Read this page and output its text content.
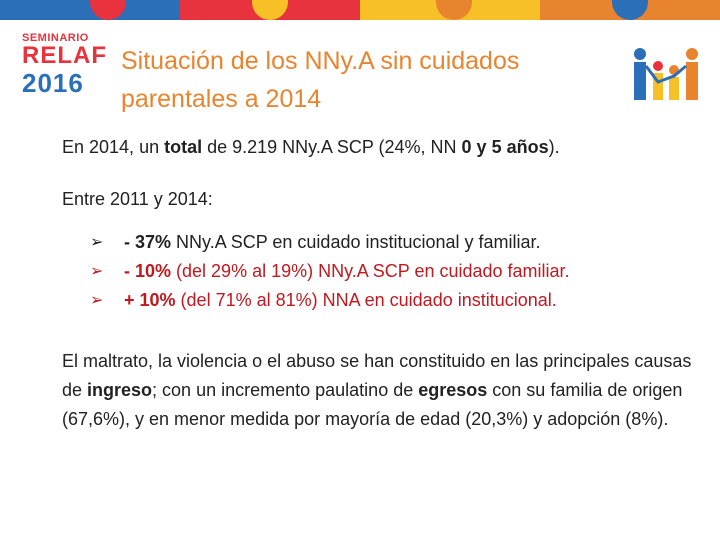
SEMINARIO
RELAF
2016
Situación de los NNy.A sin cuidados
parentales a 2014

En 2014, un total de 9.219 NNy.A SCP (24%, NN 0 y 5 años).

Entre 2011 y 2014:

➢ - 37% NNy.A SCP en cuidado institucional y familiar.
➢ - 10% (del 29% al 19%) NNy.A SCP en cuidado familiar.
➢ + 10% (del 71% al 81%) NNA en cuidado institucional.

El maltrato, la violencia o el abuso se han constituido en las principales causas de ingreso; con un incremento paulatino de egresos con su familia de origen (67,6%), y en menor medida por mayoría de edad (20,3%) y adopción (8%).
